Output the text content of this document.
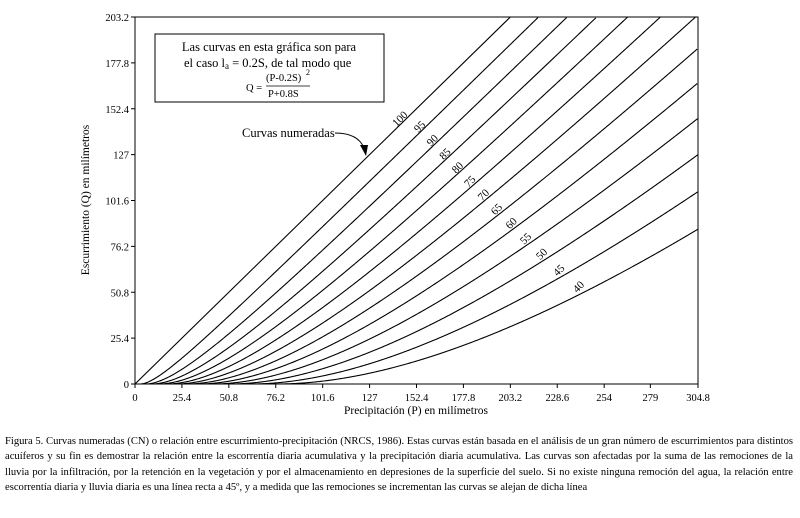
0	25.4	50.8	76.2 101.6	127	152.4 177.8 203.2 228.6	254	279	304.8
0
25.4
50.8
76.2
101.6
127
152.4
177.8
203.2
100 95
90
85
80
75
70
65
60
55
50
45
40
Precipitación (P) en milímetros
Escurrimiento (Q) en milímetros
Las curvas en esta gráfica son para
el caso la = 0.2S, de tal modo que
Q =
(P-0.2S)
2
P+0.8S
Curvas numeradas
Figura 5. Curvas numeradas (CN) o relación entre escurrimiento-precipitación (NRCS, 1986). Estas curvas están basada en el análisis de un gran número de escurrimientos para distintos acuíferos y su fin es demostrar la relación entre la escorrentía diaria acumulativa y la precipitación diaria acumulativa. Las curvas son afectadas por la suma de las remociones de la lluvia por la infiltración, por la retención en la vegetación y por el almacenamiento en depresiones de la superficie del suelo. Si no existe ninguna remoción del agua, la relación entre escorrentía diaria y lluvia diaria es una línea recta a 45º, y a medida que las remociones se incrementan las curvas se alejan de dicha línea
